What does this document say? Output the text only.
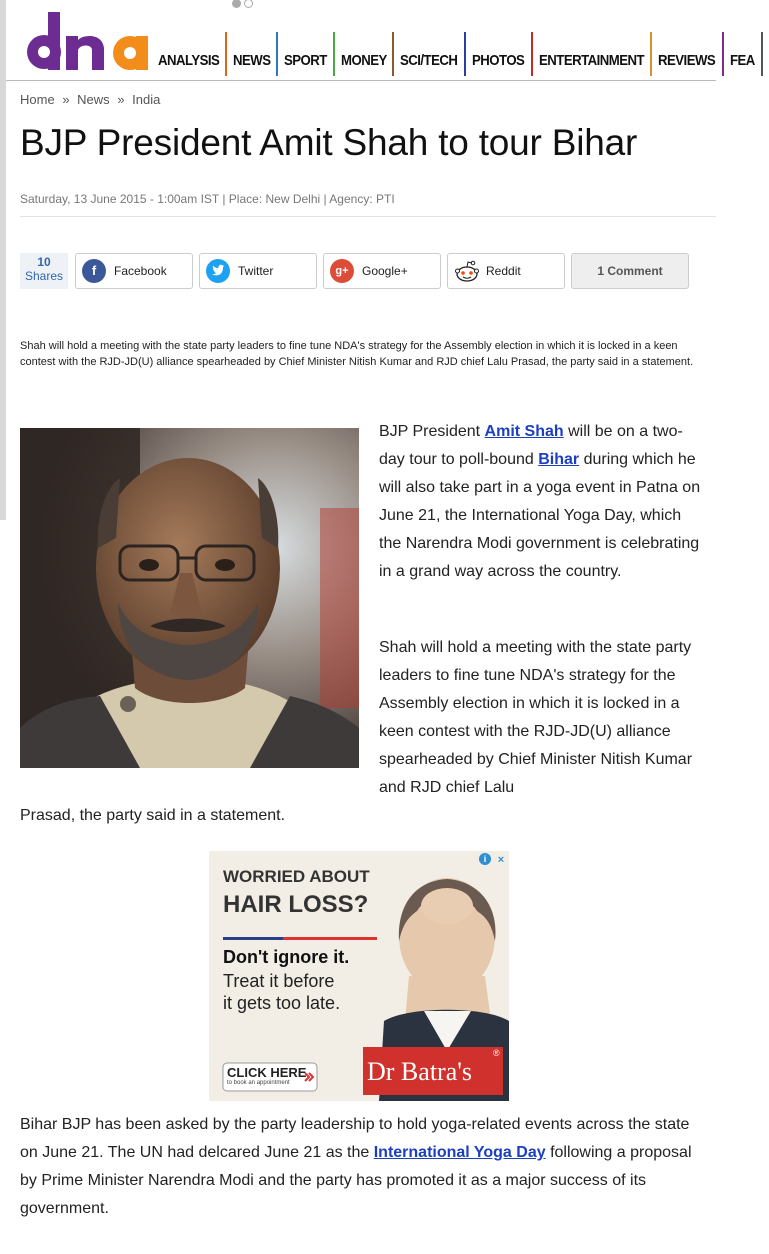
dna
ANALYSIS NEWS SPORT MONEY SCI/TECH PHOTOS ENTERTAINMENT REVIEWS FEA
Home » News » India
BJP President Amit Shah to tour Bihar
Saturday, 13 June 2015 - 1:00am IST | Place: New Delhi | Agency: PTI
10
Shares	f	Facebook	Twitter	g+	Google+	Reddit	1 Comment
Shah will hold a meeting with the state party leaders to fine tune NDA's strategy for the Assembly election in which it is locked in a keen contest with the RJD-JD(U) alliance spearheaded by Chief Minister Nitish Kumar and RJD chief Lalu Prasad, the party said in a statement.
BJP President Amit Shah will be on a two-day tour to poll-bound Bihar during which he will also take part in a yoga event in Patna on June 21, the International Yoga Day, which the Narendra Modi government is celebrating in a grand way across the country.
Shah will hold a meeting with the state party leaders to fine tune NDA's strategy for the Assembly election in which it is locked in a keen contest with the RJD-JD(U) alliance spearheaded by Chief Minister Nitish Kumar and RJD chief Lalu
Prasad, the party said in a statement.
i ×
WORRIED ABOUT
HAIR LOSS?
Don't ignore it.
Treat it before
it gets too late.
CLICK HERE
to book an appointment	Dr Batra's
®
Bihar BJP has been asked by the party leadership to hold yoga-related events across the state on June 21. The UN had delcared June 21 as the International Yoga Day following a proposal by Prime Minister Narendra Modi and the party has promoted it as a major success of its government.
